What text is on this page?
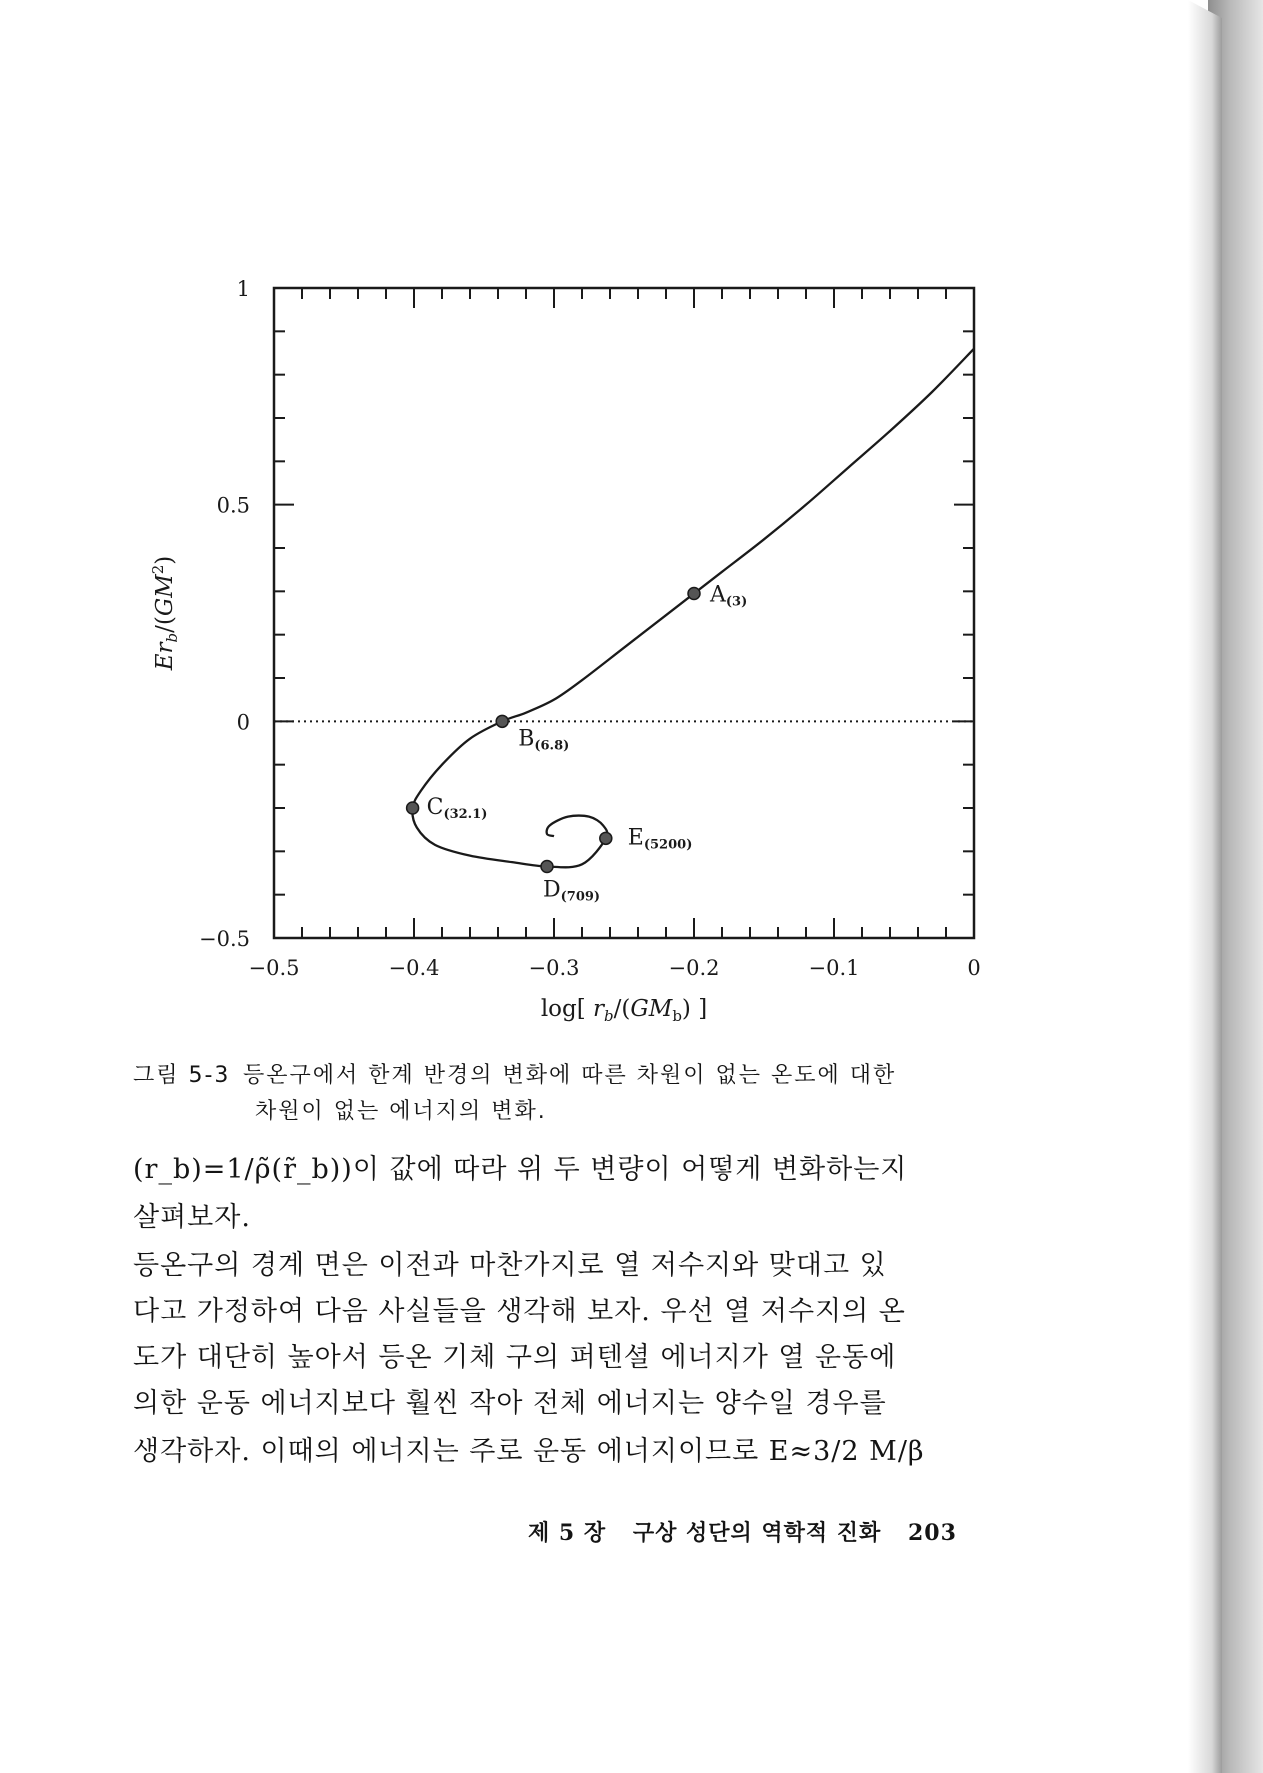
A(3)
B(6.8)
C(32.1)
D(709)
E(5200)
−0.5	−0.4	−0.3	−0.2	−0.1	0
−0.5
0
0.5
1
log[ $r_b/(GM_b)$ ]
$Er_b/(GM^2)$
그림 5-3 등온구에서 한계 반경의 변화에 따른 차원이 없는 온도에 대한
차원이 없는 에너지의 변화.
(r_b)=1/ρ̃(r̃_b))이 값에 따라 위 두 변량이 어떻게 변화하는지
살펴보자.
등온구의 경계 면은 이전과 마찬가지로 열 저수지와 맞대고 있
다고 가정하여 다음 사실들을 생각해 보자. 우선 열 저수지의 온
도가 대단히 높아서 등온 기체 구의 퍼텐셜 에너지가 열 운동에
의한 운동 에너지보다 훨씬 작아 전체 에너지는 양수일 경우를
생각하자. 이때의 에너지는 주로 운동 에너지이므로 E≈3/2 M/β
제 5 장 구상 성단의 역학적 진화 203
